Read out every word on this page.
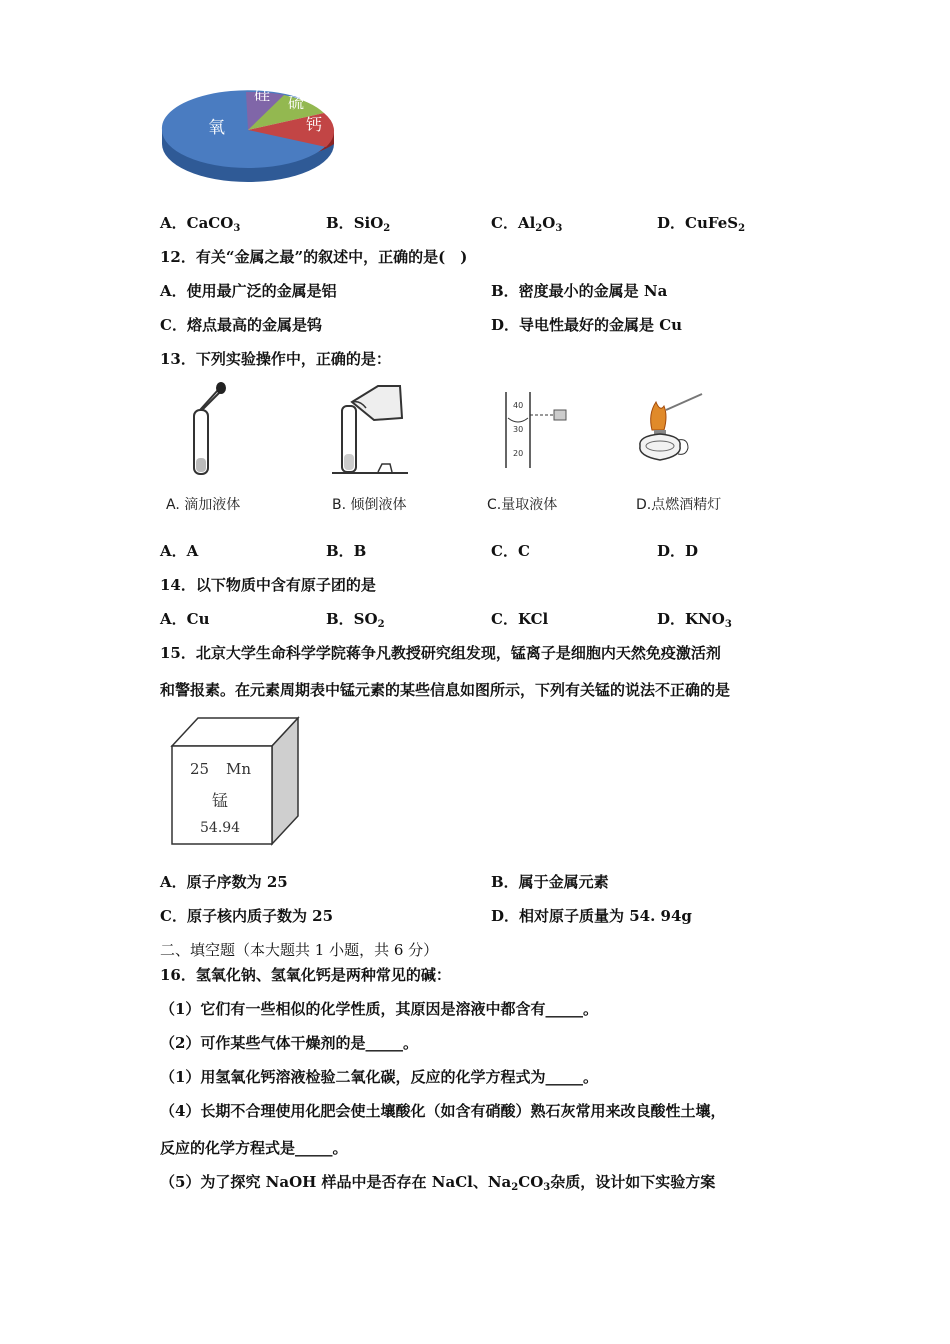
硅 硫
钙
氧
A．CaCO$_3$	B．SiO$_2$	C．$Al_2O_3$	D．CuFeS$_2$
12．有关“金属之最”的叙述中，正确的是(　)
A．使用最广泛的金属是铝	B．密度最小的金属是 Na
C．熔点最高的金属是钨	D．导电性最好的金属是 Cu
13．下列实验操作中，正确的是：
A. 滴加液体	B. 倾倒液体
40
30
20
C.量取液体	D.点燃酒精灯
A．A	B．B	C．C	D．D
14．以下物质中含有原子团的是
A．Cu	B．$SO_2$	C．KCl	D．$KNO_3$
15．北京大学生命科学学院蒋争凡教授研究组发现，锰离子是细胞内天然免疫激活剂
和警报素。在元素周期表中锰元素的某些信息如图所示，下列有关锰的说法不正确的是
25 Mn
锰
54.94
A．原子序数为 25	B．属于金属元素
C．原子核内质子数为 25	D．相对原子质量为 54. 94g
二、填空题（本大题共 1 小题，共 6 分）
16．氢氧化钠、氢氧化钙是两种常见的碱：
（1）它们有一些相似的化学性质，其原因是溶液中都含有_____。
（2）可作某些气体干燥剂的是_____。
（1）用氢氧化钙溶液检验二氧化碳，反应的化学方程式为_____。
（4）长期不合理使用化肥会使土壤酸化（如含有硝酸）熟石灰常用来改良酸性土壤，
反应的化学方程式是_____。
（5）为了探究 NaOH 样品中是否存在 NaCl、$Na_2CO_3$杂质，设计如下实验方案
